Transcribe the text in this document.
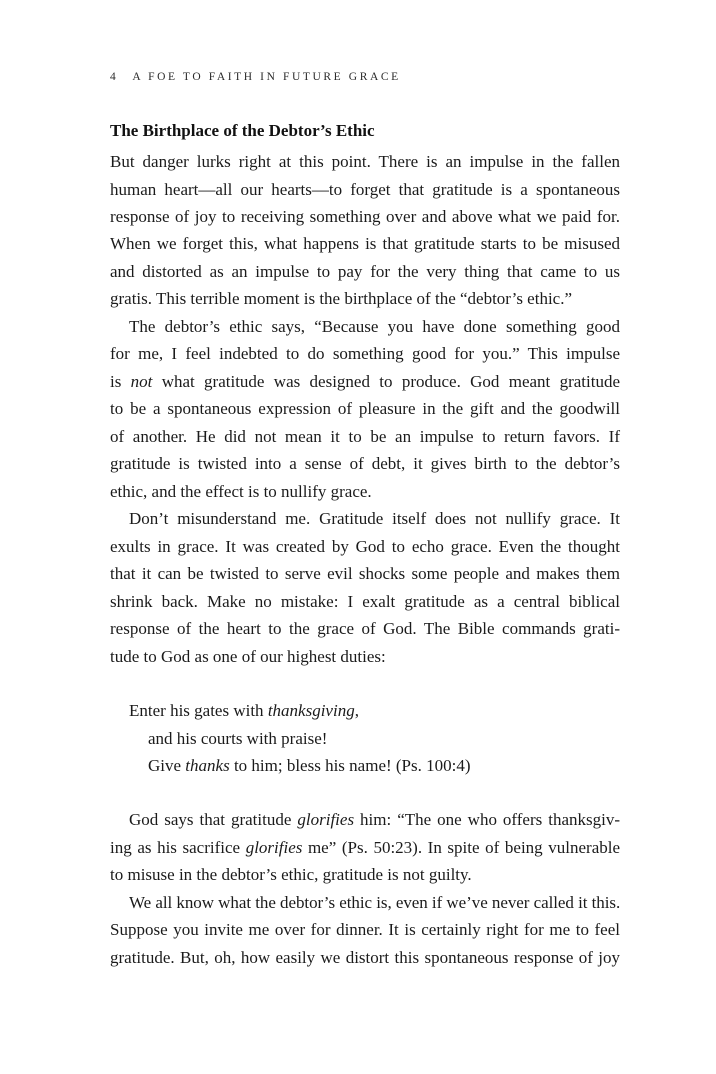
4 A FOE TO FAITH IN FUTURE GRACE
The Birthplace of the Debtor’s Ethic
But danger lurks right at this point. There is an impulse in the fallen
human heart—all our hearts—to forget that gratitude is a spontaneous
response of joy to receiving something over and above what we paid for.
When we forget this, what happens is that gratitude starts to be misused
and distorted as an impulse to pay for the very thing that came to us
gratis. This terrible moment is the birthplace of the “debtor’s ethic.”
The debtor’s ethic says, “Because you have done something good
for me, I feel indebted to do something good for you.” This impulse
is not what gratitude was designed to produce. God meant gratitude
to be a spontaneous expression of pleasure in the gift and the goodwill
of another. He did not mean it to be an impulse to return favors. If
gratitude is twisted into a sense of debt, it gives birth to the debtor’s
ethic, and the effect is to nullify grace.
Don’t misunderstand me. Gratitude itself does not nullify grace. It
exults in grace. It was created by God to echo grace. Even the thought
that it can be twisted to serve evil shocks some people and makes them
shrink back. Make no mistake: I exalt gratitude as a central biblical
response of the heart to the grace of God. The Bible commands grati-
tude to God as one of our highest duties:
Enter his gates with thanksgiving,
and his courts with praise!
Give thanks to him; bless his name! (Ps. 100:4)
God says that gratitude glorifies him: “The one who offers thanksgiv-
ing as his sacrifice glorifies me” (Ps. 50:23). In spite of being vulnerable
to misuse in the debtor’s ethic, gratitude is not guilty.
We all know what the debtor’s ethic is, even if we’ve never called it this.
Suppose you invite me over for dinner. It is certainly right for me to feel
gratitude. But, oh, how easily we distort this spontaneous response of joy
